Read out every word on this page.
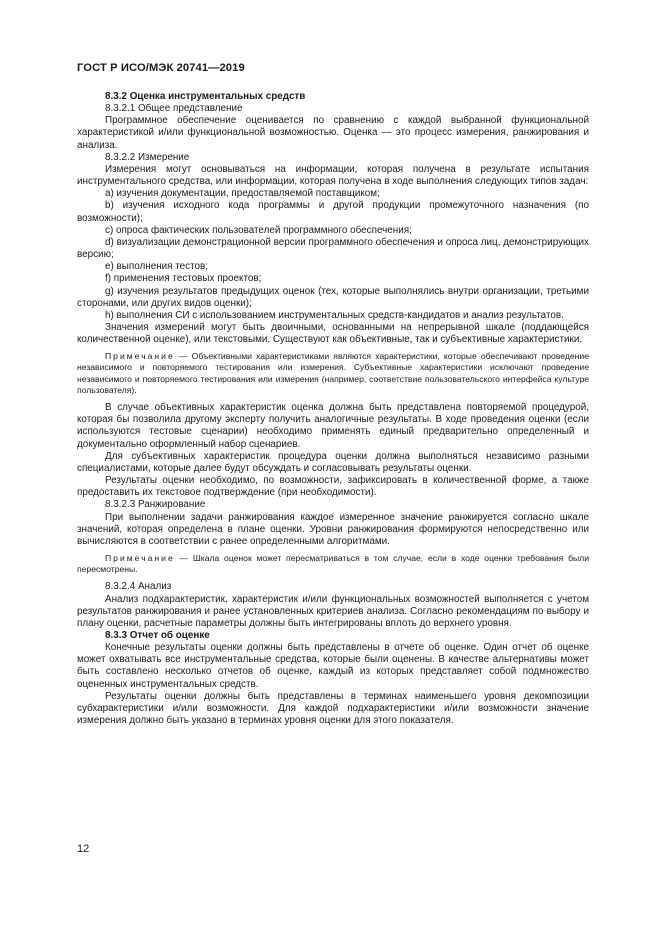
ГОСТ Р ИСО/МЭК 20741—2019

8.3.2 Оценка инструментальных средств

8.3.2.1 Общее представление

Программное обеспечение оценивается по сравнению с каждой выбранной функциональной характеристикой и/или функциональной возможностью. Оценка — это процесс измерения, ранжирования и анализа.

8.3.2.2 Измерение

Измерения могут основываться на информации, которая получена в результате испытания инструментального средства, или информации, которая получена в ходе выполнения следующих типов задач:

а) изучения документации, предоставляемой поставщиком;

b) изучения исходного кода программы и другой продукции промежуточного назначения (по возможности);

c) опроса фактических пользователей программного обеспечения;

d) визуализации демонстрационной версии программного обеспечения и опроса лиц, демонстрирующих версию;

e) выполнения тестов;

f) применения тестовых проектов;

g) изучения результатов предыдущих оценок (тех, которые выполнялись внутри организации, третьими сторонами, или других видов оценки);

h) выполнения СИ с использованием инструментальных средств-кандидатов и анализ результатов.

Значения измерений могут быть двоичными, основанными на непрерывной шкале (поддающейся количественной оценке), или текстовыми. Существуют как объективные, так и субъективные характеристики.

Примечание — Объективными характеристиками являются характеристики, которые обеспечивают проведение независимого и повторяемого тестирования или измерения. Субъективные характеристики исключают проведение независимого и повторяемого тестирования или измерения (например, соответствие пользовательского интерфейса культуре пользователя).

В случае объективных характеристик оценка должна быть представлена повторяемой процедурой, которая бы позволила другому эксперту получить аналогичные результаты. В ходе проведения оценки (если используются тестовые сценарии) необходимо применять единый предварительно определенный и документально оформленный набор сценариев.

Для субъективных характеристик процедура оценки должна выполняться независимо разными специалистами, которые далее будут обсуждать и согласовывать результаты оценки.

Результаты оценки необходимо, по возможности, зафиксировать в количественной форме, а также предоставить их текстовое подтверждение (при необходимости).

8.3.2.3 Ранжирование

При выполнении задачи ранжирования каждое измеренное значение ранжируется согласно шкале значений, которая определена в плане оценки. Уровни ранжирования формируются непосредственно или вычисляются в соответствии с ранее определенными алгоритмами.

Примечание — Шкала оценок может пересматриваться в том случае, если в ходе оценки требования были пересмотрены.

8.3.2.4 Анализ

Анализ подхарактеристик, характеристик и/или функциональных возможностей выполняется с учетом результатов ранжирования и ранее установленных критериев анализа. Согласно рекомендациям по выбору и плану оценки, расчетные параметры должны быть интегрированы вплоть до верхнего уровня.

8.3.3 Отчет об оценке

Конечные результаты оценки должны быть представлены в отчете об оценке. Один отчет об оценке может охватывать все инструментальные средства, которые были оценены. В качестве альтернативы может быть составлено несколько отчетов об оценке, каждый из которых представляет собой подмножество оцененных инструментальных средств.

Результаты оценки должны быть представлены в терминах наименьшего уровня декомпозиции субхарактеристики и/или возможности. Для каждой подхарактеристики и/или возможности значение измерения должно быть указано в терминах уровня оценки для этого показателя.

12
